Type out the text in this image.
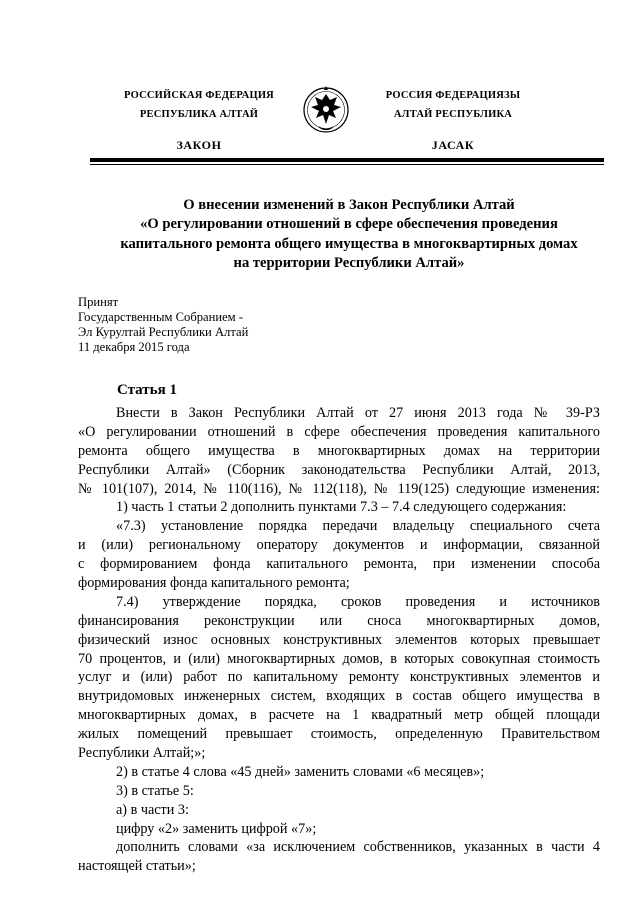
РОССИЙСКАЯ ФЕДЕРАЦИЯ
РЕСПУБЛИКА АЛТАЙ
ЗАКОН
РОССИЯ ФЕДЕРАЦИЯЗЫ
АЛТАЙ РЕСПУБЛИКА
JАСАК
О внесении изменений в Закон Республики Алтай
«О регулировании отношений в сфере обеспечения проведения
капитального ремонта общего имущества в многоквартирных домах
на территории Республики Алтай»
Принят
Государственным Собранием -
Эл Курултай Республики Алтай
11 декабря 2015 года
Статья 1
Внести в Закон Республики Алтай от 27 июня 2013 года № 39-РЗ
«О регулировании отношений в сфере обеспечения проведения капитального
ремонта общего имущества в многоквартирных домах на территории
Республики Алтай» (Сборник законодательства Республики Алтай, 2013,
№ 101(107), 2014, № 110(116), № 112(118), № 119(125) следующие изменения:
1) часть 1 статьи 2 дополнить пунктами 7.3 – 7.4 следующего содержания:
«7.3) установление порядка передачи владельцу специального счета
и (или) региональному оператору документов и информации, связанной
с формированием фонда капитального ремонта, при изменении способа
формирования фонда капитального ремонта;
7.4) утверждение порядка, сроков проведения и источников
финансирования реконструкции или сноса многоквартирных домов,
физический износ основных конструктивных элементов которых превышает
70 процентов, и (или) многоквартирных домов, в которых совокупная стоимость
услуг и (или) работ по капитальному ремонту конструктивных элементов и
внутридомовых инженерных систем, входящих в состав общего имущества в
многоквартирных домах, в расчете на 1 квадратный метр общей площади
жилых помещений превышает стоимость, определенную Правительством
Республики Алтай;»;
2) в статье 4 слова «45 дней» заменить словами «6 месяцев»;
3) в статье 5:
а) в части 3:
цифру «2» заменить цифрой «7»;
дополнить словами «за исключением собственников, указанных в части 4
настоящей статьи»;
